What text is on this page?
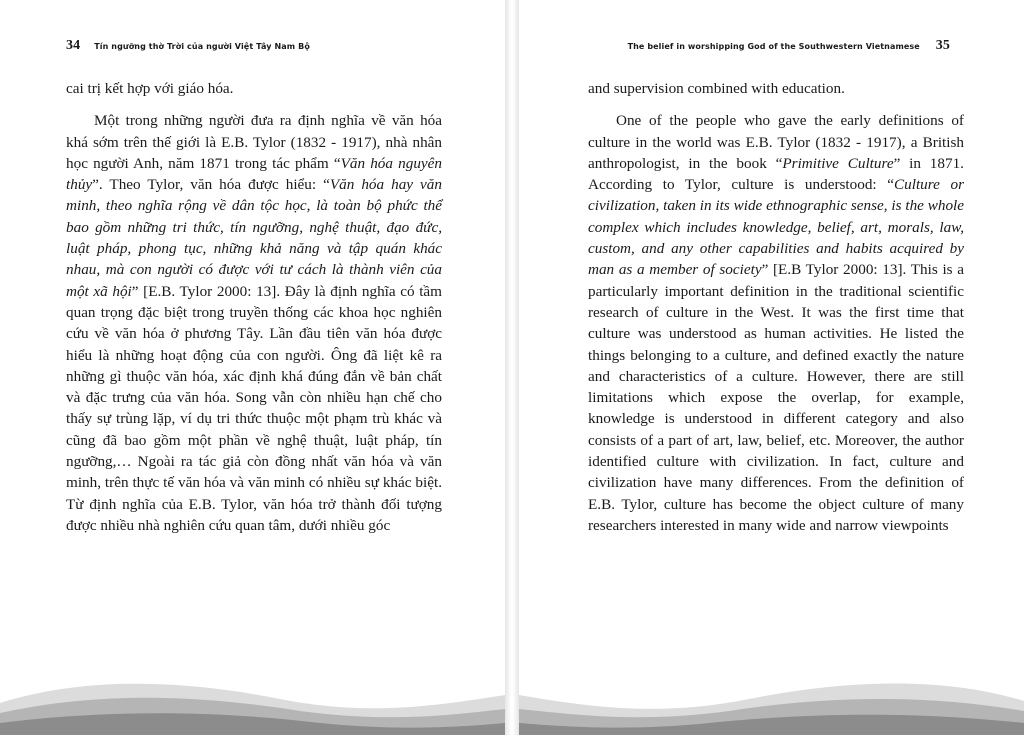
34 Tín ngưỡng thờ Trời của người Việt Tây Nam Bộ

cai trị kết hợp với giáo hóa.

Một trong những người đưa ra định nghĩa về văn hóa khá sớm trên thế giới là E.B. Tylor (1832 - 1917), nhà nhân học người Anh, năm 1871 trong tác phẩm “Văn hóa nguyên thủy”. Theo Tylor, văn hóa được hiểu: “Văn hóa hay văn minh, theo nghĩa rộng về dân tộc học, là toàn bộ phức thể bao gồm những tri thức, tín ngưỡng, nghệ thuật, đạo đức, luật pháp, phong tục, những khả năng và tập quán khác nhau, mà con người có được với tư cách là thành viên của một xã hội” [E.B. Tylor 2000: 13]. Đây là định nghĩa có tầm quan trọng đặc biệt trong truyền thống các khoa học nghiên cứu về văn hóa ở phương Tây. Lần đầu tiên văn hóa được hiểu là những hoạt động của con người. Ông đã liệt kê ra những gì thuộc văn hóa, xác định khá đúng đắn về bản chất và đặc trưng của văn hóa. Song vẫn còn nhiều hạn chế cho thấy sự trùng lặp, ví dụ tri thức thuộc một phạm trù khác và cũng đã bao gồm một phần về nghệ thuật, luật pháp, tín ngưỡng,… Ngoài ra tác giả còn đồng nhất văn hóa và văn minh, trên thực tế văn hóa và văn minh có nhiều sự khác biệt. Từ định nghĩa của E.B. Tylor, văn hóa trở thành đối tượng được nhiều nhà nghiên cứu quan tâm, dưới nhiều góc

The belief in worshipping God of the Southwestern Vietnamese 35

and supervision combined with education.

One of the people who gave the early definitions of culture in the world was E.B. Tylor (1832 - 1917), a British anthropologist, in the book “Primitive Culture” in 1871. According to Tylor, culture is understood: “Culture or civilization, taken in its wide ethnographic sense, is the whole complex which includes knowledge, belief, art, morals, law, custom, and any other capabilities and habits acquired by man as a member of society” [E.B Tylor 2000: 13]. This is a particularly important definition in the traditional scientific research of culture in the West. It was the first time that culture was understood as human activities. He listed the things belonging to a culture, and defined exactly the nature and characteristics of a culture. However, there are still limitations which expose the overlap, for example, knowledge is understood in different category and also consists of a part of art, law, belief, etc. Moreover, the author identified culture with civilization. In fact, culture and civilization have many differences. From the definition of E.B. Tylor, culture has become the object culture of many researchers interested in many wide and narrow viewpoints
